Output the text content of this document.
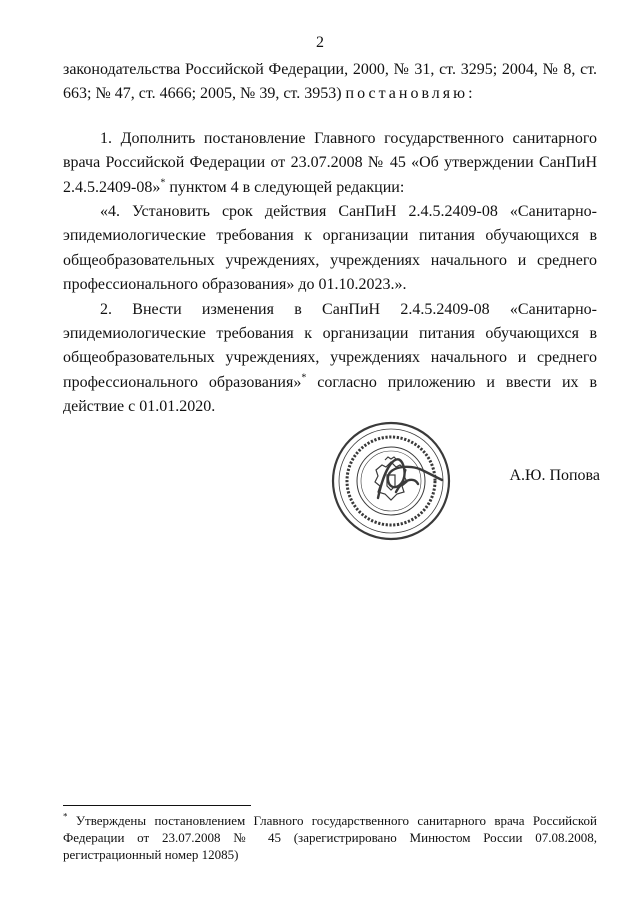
2

законодательства Российской Федерации, 2000, № 31, ст. 3295; 2004, № 8, ст. 663; № 47, ст. 4666; 2005, № 39, ст. 3953) постановляю:

1. Дополнить постановление Главного государственного санитарного врача Российской Федерации от 23.07.2008 № 45 «Об утверждении СанПиН 2.4.5.2409-08»* пунктом 4 в следующей редакции:

«4. Установить срок действия СанПиН 2.4.5.2409-08 «Санитарно-эпидемиологические требования к организации питания обучающихся в общеобразовательных учреждениях, учреждениях начального и среднего профессионального образования» до 01.10.2023.».

2. Внести изменения в СанПиН 2.4.5.2409-08 «Санитарно-эпидемиологические требования к организации питания обучающихся в общеобразовательных учреждениях, учреждениях начального и среднего профессионального образования»* согласно приложению и ввести их в действие с 01.01.2020.

А.Ю. Попова
* Утверждены постановлением Главного государственного санитарного врача Российской Федерации от 23.07.2008 № 45 (зарегистрировано Минюстом России 07.08.2008, регистрационный номер 12085)
